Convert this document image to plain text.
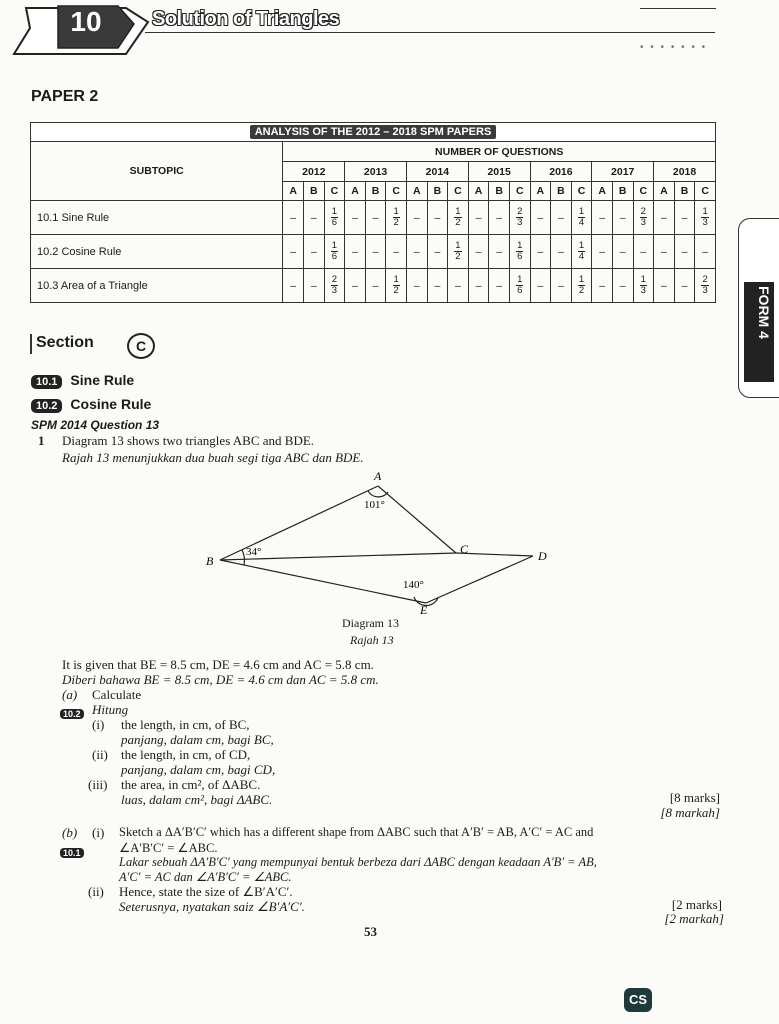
10	Solution of Triangles
• • • • • • •
PAPER 2
ANALYSIS OF THE 2012 – 2018 SPM PAPERS																					
SUBTOPIC	NUMBER OF QUESTIONS																				
	2012			2013			2014			2015			2016			2017			2018		
	A	B	C	A	B	C	A	B	C	A	B	C	A	B	C	A	B	C	A	B	C
10.1 Sine Rule	–	–	$\frac{1}{6}$	–	–	$\frac{1}{2}$	–	–	$\frac{1}{2}$	–	–	$\frac{2}{3}$	–	–	$\frac{1}{4}$	–	–	$\frac{2}{3}$	–	–	$\frac{1}{3}$

10.2 Cosine Rule	–	–	$\frac{1}{6}$	–	–	–	–	–	$\frac{1}{2}$	–	–	$\frac{1}{6}$	–	–	$\frac{1}{4}$	–	–	–	–	–	–
10.3 Area of a Triangle	–	–	$\frac{2}{3}$	–	–	$\frac{1}{2}$	–	–	–	–	–	$\frac{1}{6}$	–	–	$\frac{1}{2}$	–	–	$\frac{1}{3}$	–	–	$\frac{2}{3}$
FORM 4
Section	C
10.1 Sine Rule
10.2 Cosine Rule
SPM 2014 Question 13
1 Diagram 13 shows two triangles ABC and BDE.
Rajah 13 menunjukkan dua buah segi tiga ABC dan BDE.
A
B
C	D
E
101°
34°
140°
Diagram 13
Rajah 13
It is given that BE = 8.5 cm, DE = 4.6 cm and AC = 5.8 cm.
Diberi bahawa BE = 8.5 cm, DE = 4.6 cm dan AC = 5.8 cm.
(a) Calculate
10.2 Hitung
(i) the length, in cm, of BC,
panjang, dalam cm, bagi BC,
(ii) the length, in cm, of CD,
panjang, dalam cm, bagi CD,
(iii) the area, in cm², of ΔABC.
luas, dalam cm², bagi ΔABC.	[8 marks]
[8 markah]
(b)
10.1
(i) Sketch a ΔA′B′C′ which has a different shape from ΔABC such that A′B′ = AB, A′C′ = AC and
∠A′B′C′ = ∠ABC.
Lakar sebuah ΔA′B′C′ yang mempunyai bentuk berbeza dari ΔABC dengan keadaan A′B′ = AB,
A′C′ = AC dan ∠A′B′C′ = ∠ABC.
(ii) Hence, state the size of ∠B′A′C′.
Seterusnya, nyatakan saiz ∠B′A′C′.	[2 marks]
[2 markah]
53
CS
